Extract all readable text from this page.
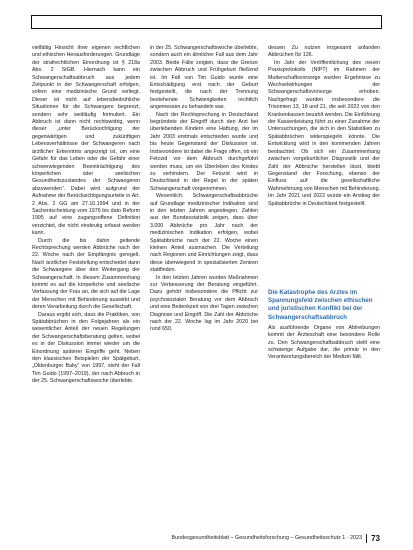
vielfältig Hinsicht ihrer eigenen rechtlichen und ethischen Herausforderungen. Grundlage der strafrechtlichen Einordnung ist § 218a Abs. 2 StGB. Hiernach kann ein Schwangerschaftsabbruch aus jedem Zeitpunkt in der Schwangerschaft erfolgen, sofern eine medizinische Grund vorliegt. Dieser ist nicht auf lebensbedrohliche Situationen für die Schwangere begrenzt, sondern sehr weitläufig formuliert. Ein Abbruch ist dann nicht rechtswidrig, wenn dieser „unter Berücksichtigung der gegenwärtigen und zukünftigen Lebensverhältnisse der Schwangeren nach ärztlicher Erkenntnis angezeigt ist, um eine Gefahr für das Leben oder die Gefahr einer schwerwiegenden Beeinträchtigung des körperlichen oder seelischen Gesundheitszustandes der Schwangeren abzuwenden“. Dabei wird aufgrund der Aufnahme der Berücksichtigungsurteile in Art. 2 Abs. 2 GG am 27.10.1994 und in der Sachentscheidung vom 1976 bis dato Reform 1995 auf eine zugangsoffene Definition verzichtet, die nicht eindeutig erfasst werden kann.

Durch die bis dahin geltende Rechtsprechung werden Abbrüche nach der 22. Woche nach der Empfängnis geregelt. Nach ärztlicher Feststellung entscheidet dann die Schwangere über den Weitergang der Schwangerschaft. In diesem Zusammenhang kommt es auf die körperliche und seelische Verfassung der Frau an, die sich auf die Lage der Menschen mit Behinderung auswirkt und deren Verarbeitung durch die Gesellschaft.

Daraus ergibt sich, dass die Praktiken, von Spätabbrüchen in den Folgejahren als ein wesentlicher Anteil der neuen Regelungen der Schwangerschaftsberatung gelten, wobei es in der Diskussion immer wieder um die Einordnung späterer Eingriffe geht. Neben den klassischen Beispielen der Spätgeburt, „Oldenburger Baby“ von 1997, steht der Fall Tim Guido (1997–2019), der nach Abbruch in der 25. Schwangerschaftswoche überlebte.

in der 25. Schwangerschaftswoche überlebte, sondern auch ein ähnlicher Fall aus dem Jahr 2003. Beide Fälle zeigten, dass die Grenze zwischen Abbruch und Frühgeburt fließend ist. Im Fall von Tim Guido wurde eine Entschädigung erst nach der Geburt festgestellt, die nach der Trennung bestehende Schwierigkeiten rechtlich angemessen zu behandeln war.

Nach der Rechtsprechung in Deutschland begründete der Eingriff durch den Arzt bei überlebenden Kindern eine Haftung, der im Jahr 2003 erstmals entschieden wurde und bis heute Gegenstand der Diskussion ist. Insbesondere ist dabei die Frage offen, ob ein Fetozid vor dem Abbruch durchgeführt werden muss, um ein Überleben des Kindes zu verhindern. Der Fetozid wird in Deutschland in der Regel in der späten Schwangerschaft vorgenommen.

Wesentlich: Schwangerschaftsabbrüche auf Grundlage medizinischer Indikation sind in den letzten Jahren angestiegen. Zahlen aus der Bundesstatistik zeigen, dass über 3.000 Abbrüche pro Jahr nach der medizinischen Indikation erfolgen, wobei Spätabbrüche nach der 22. Woche einen kleinen Anteil ausmachen. Die Verteilung nach Regionen und Einrichtungen zeigt, dass diese überwiegend in spezialisierten Zentren stattfinden.

In den letzten Jahren wurden Maßnahmen zur Verbesserung der Beratung eingeführt. Dazu gehört insbesondere die Pflicht zur psychosozialen Beratung vor dem Abbruch und eine Bedenkzeit von drei Tagen zwischen Diagnose und Eingriff. Die Zahl der Abbrüche nach der 22. Woche lag im Jahr 2020 bei rund 650.

dessen Zu nutzen insgesamt anfanden Abbrüchen für 126.

Im Jahr der Veröffentlichung des neuen Praxisprotokolls (NIPT) im Rahmen der Mutterschaftsvorsorge wurden Ergebnisse zu Wechselwirkungen der Schwangerschaftsvorsorge erhoben. Nachgefragt wurden insbesondere die Trisomien 13, 18 und 21, die seit 2022 von den Krankenkassen bezahlt werden. Die Einführung der Kassenleistung führt zu einer Zunahme der Untersuchungen, die sich in den Statistiken zu Spätabbrüchen widerspiegeln könnte. Die Entwicklung wird in den kommenden Jahren beobachtet. Ob sich ein Zusammenhang zwischen vorgeburtlicher Diagnostik und der Zahl der Abbrüche herstellen lässt, bleibt Gegenstand der Forschung, ebenso der Einfluss auf die gesellschaftliche Wahrnehmung von Menschen mit Behinderung. Im Jahr 2021 und 2022 wurde ein Anstieg der Spätabbrüche in Deutschland festgestellt.

Die Katastrophe des Arztes im Spannungsfeld zwischen ethischen und juristischen Konflikt bei der Schwangerschaftsabbruch

Als ausführende Organe von Abtreibungen kommt der Ärzteschaft eine besondere Rolle zu. Den Schwangerschaftsabbruch stellt eine schwierige Aufgabe dar, die primär in den Verantwortungsbereich der Medizin fällt.

Bundesgesundheitsblatt – Gesundheitsforschung – Gesundheitsschutz 1 · 2023 73
